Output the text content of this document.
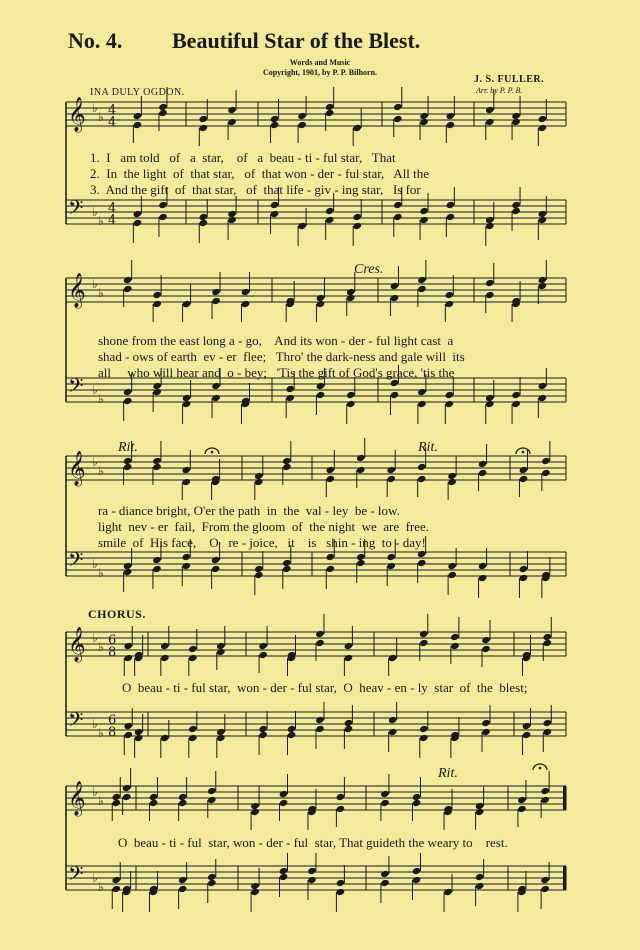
No. 4. Beautiful Star of the Blest.
Words and Music
Copyright, 1901, by P. P. Bilhorn.
INA DULY OGDON.
J. S. FULLER.
Arr. by P. P. B.
𝄞
𝄢
♭
♭
♭
♭
4
4
4
4
𝄞
𝄢
♭
♭
♭
♭
𝄞
𝄢
♭
♭
♭
♭
𝄞
𝄢
♭
♭
♭
♭
6
8
6
8
𝄞
𝄢
♭
♭
♭
♭
Cres.
Rit.	Rit.
Rit.
CHORUS.
1.  I   am told   of   a  star,    of   a  beau - ti - ful star,   That
2.  In  the light  of  that star,   of  that won - der - ful star,   All the
3.  And the gift  of  that star,   of  that life - giv - ing star,   Is for
shone from the east long a - go,    And its won - der - ful light cast  a
shad - ows of earth  ev - er  flee;   Thro' the dark-ness and gale will  its
all     who will hear and  o - bey;   'Tis the gift of God's grace, 'tis the
ra - diance bright, O'er the path  in  the  val - ley  be - low.
light  nev - er  fail,  From the gloom  of  the night  we  are  free.
smile  of  His face,    O   re - joice,   it    is   shin - ing  to - day!
O  beau - ti - ful star,  won - der - ful star,  O  heav - en - ly  star  of  the  blest;
O  beau - ti - ful  star, won - der - ful  star, That guideth the weary to    rest.
